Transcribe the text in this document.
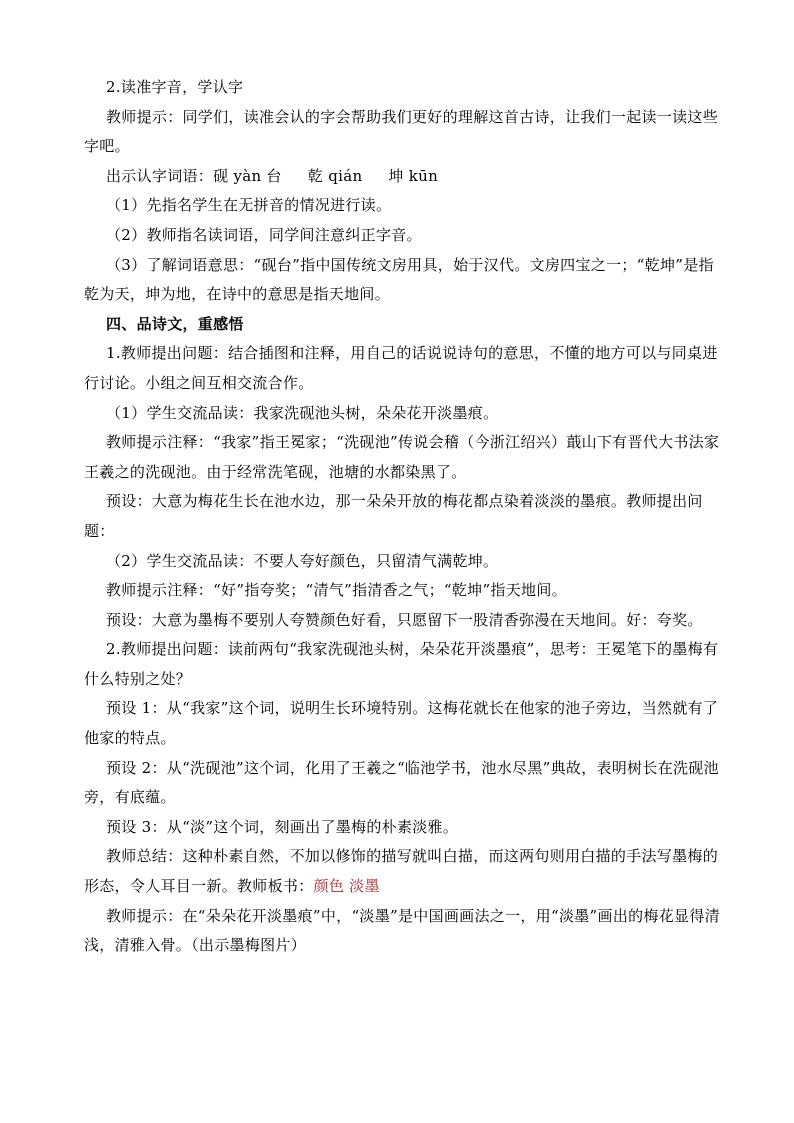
2.读准字音，学认字

教师提示：同学们，读准会认的字会帮助我们更好的理解这首古诗，让我们一起读一读这些字吧。

出示认字词语：砚 yàn 台 乾 qián 坤 kūn

（1）先指名学生在无拼音的情况进行读。

（2）教师指名读词语，同学间注意纠正字音。

（3）了解词语意思：“砚台”指中国传统文房用具，始于汉代。文房四宝之一；“乾坤”是指乾为天，坤为地，在诗中的意思是指天地间。

四、品诗文，重感悟

1.教师提出问题：结合插图和注释，用自己的话说说诗句的意思，不懂的地方可以与同桌进行讨论。小组之间互相交流合作。

（1）学生交流品读：我家洗砚池头树，朵朵花开淡墨痕。

教师提示注释：“我家”指王冕家；“洗砚池”传说会稽（今浙江绍兴）蕺山下有晋代大书法家王羲之的洗砚池。由于经常洗笔砚，池塘的水都染黑了。

预设：大意为梅花生长在池水边，那一朵朵开放的梅花都点染着淡淡的墨痕。教师提出问题：

（2）学生交流品读：不要人夸好颜色，只留清气满乾坤。

教师提示注释：“好”指夸奖；“清气”指清香之气；“乾坤”指天地间。

预设：大意为墨梅不要别人夸赞颜色好看，只愿留下一股清香弥漫在天地间。好：夸奖。

2.教师提出问题：读前两句“我家洗砚池头树，朵朵花开淡墨痕”，思考：王冕笔下的墨梅有什么特别之处？

预设 1：从“我家”这个词，说明生长环境特别。这梅花就长在他家的池子旁边，当然就有了他家的特点。

预设 2：从“洗砚池”这个词，化用了王羲之“临池学书，池水尽黑”典故，表明树长在洗砚池旁，有底蕴。

预设 3：从“淡”这个词，刻画出了墨梅的朴素淡雅。

教师总结：这种朴素自然，不加以修饰的描写就叫白描，而这两句则用白描的手法写墨梅的形态，令人耳目一新。教师板书：颜色 淡墨

教师提示：在“朵朵花开淡墨痕”中，“淡墨”是中国画画法之一，用“淡墨”画出的梅花显得清浅，清雅入骨。（出示墨梅图片）
